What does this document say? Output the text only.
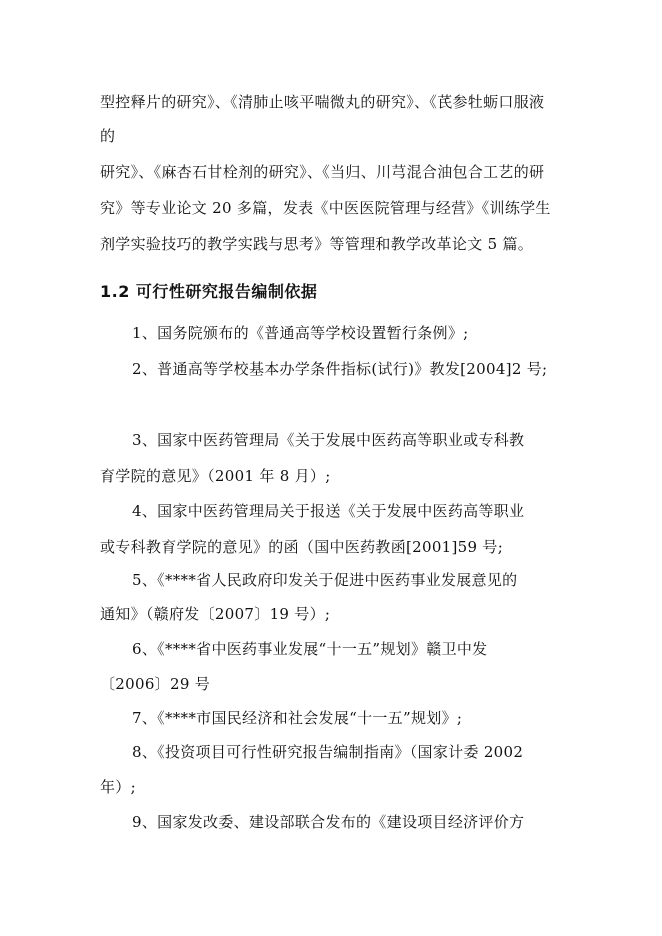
型控释片的研究》、《清肺止咳平喘微丸的研究》、《芪参牡蛎口服液
的
研究》、《麻杏石甘栓剂的研究》、《当归、川芎混合油包合工艺的研
究》等专业论文 20 多篇，发表《中医医院管理与经营》《训练学生
剂学实验技巧的教学实践与思考》等管理和教学改革论文 5 篇。
1.2 可行性研究报告编制依据
1、国务院颁布的《普通高等学校设置暂行条例》;
2、普通高等学校基本办学条件指标(试行)》教发[2004]2 号;
3、国家中医药管理局《关于发展中医药高等职业或专科教
育学院的意见》（2001 年 8 月）;
4、国家中医药管理局关于报送《关于发展中医药高等职业
或专科教育学院的意见》的函（国中医药教函[2001]59 号;
5、《****省人民政府印发关于促进中医药事业发展意见的
通知》（赣府发〔2007〕19 号）;
6、《****省中医药事业发展“十一五”规划》赣卫中发
〔2006〕29 号
7、《****市国民经济和社会发展“十一五”规划》;
8、《投资项目可行性研究报告编制指南》（国家计委 2002
年）;
9、国家发改委、建设部联合发布的《建设项目经济评价方
